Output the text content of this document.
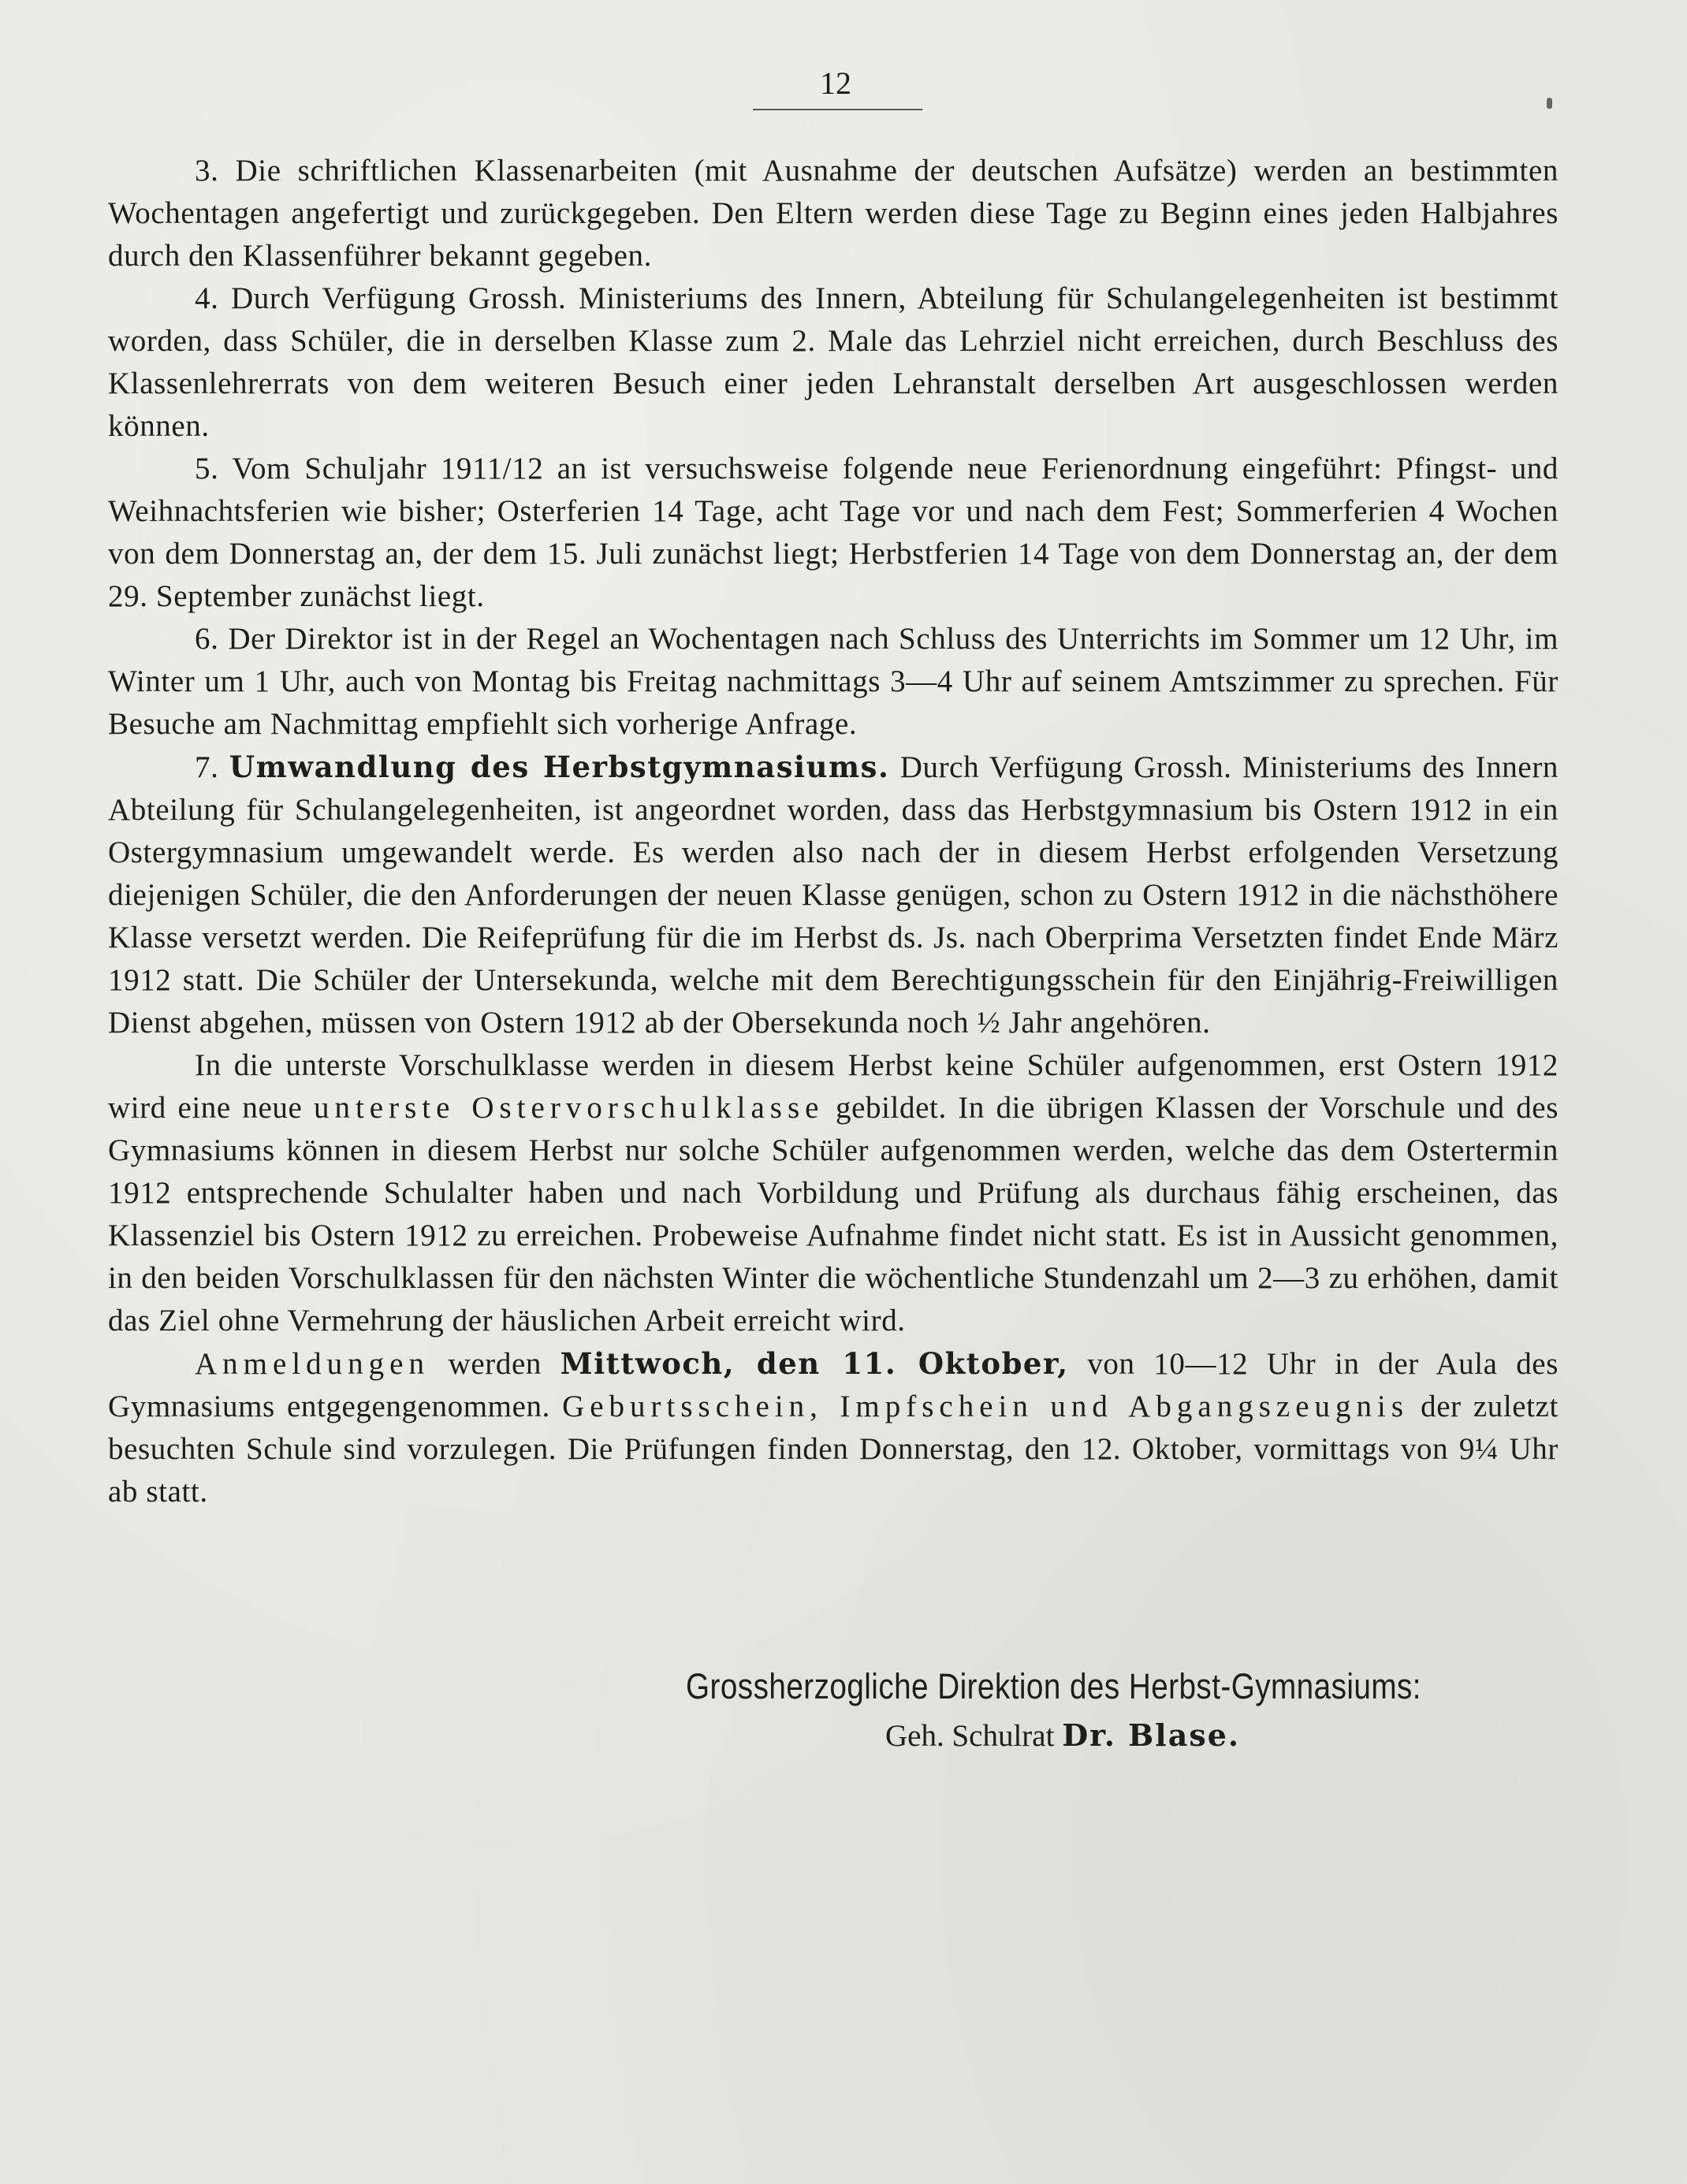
12

3. Die schriftlichen Klassenarbeiten (mit Ausnahme der deutschen Aufsätze) werden an bestimmten Wochentagen angefertigt und zurückgegeben. Den Eltern werden diese Tage zu Beginn eines jeden Halbjahres durch den Klassenführer bekannt gegeben.

4. Durch Verfügung Grossh. Ministeriums des Innern, Abteilung für Schulangelegenheiten ist bestimmt worden, dass Schüler, die in derselben Klasse zum 2. Male das Lehrziel nicht erreichen, durch Beschluss des Klassenlehrerrats von dem weiteren Besuch einer jeden Lehranstalt derselben Art ausgeschlossen werden können.

5. Vom Schuljahr 1911/12 an ist versuchsweise folgende neue Ferienordnung eingeführt: Pfingst- und Weihnachtsferien wie bisher; Osterferien 14 Tage, acht Tage vor und nach dem Fest; Sommerferien 4 Wochen von dem Donnerstag an, der dem 15. Juli zunächst liegt; Herbstferien 14 Tage von dem Donnerstag an, der dem 29. September zunächst liegt.

6. Der Direktor ist in der Regel an Wochentagen nach Schluss des Unterrichts im Sommer um 12 Uhr, im Winter um 1 Uhr, auch von Montag bis Freitag nachmittags 3—4 Uhr auf seinem Amtszimmer zu sprechen. Für Besuche am Nachmittag empfiehlt sich vorherige Anfrage.

7. Umwandlung des Herbstgymnasiums. Durch Verfügung Grossh. Ministeriums des Innern Abteilung für Schulangelegenheiten, ist angeordnet worden, dass das Herbstgymnasium bis Ostern 1912 in ein Ostergymnasium umgewandelt werde. Es werden also nach der in diesem Herbst erfolgenden Versetzung diejenigen Schüler, die den Anforderungen der neuen Klasse genügen, schon zu Ostern 1912 in die nächsthöhere Klasse versetzt werden. Die Reifeprüfung für die im Herbst ds. Js. nach Oberprima Versetzten findet Ende März 1912 statt. Die Schüler der Untersekunda, welche mit dem Berechtigungsschein für den Einjährig-Freiwilligen Dienst abgehen, müssen von Ostern 1912 ab der Obersekunda noch ½ Jahr angehören.

In die unterste Vorschulklasse werden in diesem Herbst keine Schüler aufgenommen, erst Ostern 1912 wird eine neue unterste Ostervorschulklasse gebildet. In die übrigen Klassen der Vorschule und des Gymnasiums können in diesem Herbst nur solche Schüler aufgenommen werden, welche das dem Ostertermin 1912 entsprechende Schulalter haben und nach Vorbildung und Prüfung als durchaus fähig erscheinen, das Klassenziel bis Ostern 1912 zu erreichen. Probeweise Aufnahme findet nicht statt. Es ist in Aussicht genommen, in den beiden Vorschulklassen für den nächsten Winter die wöchentliche Stundenzahl um 2—3 zu erhöhen, damit das Ziel ohne Vermehrung der häuslichen Arbeit erreicht wird.

Anmeldungen werden Mittwoch, den 11. Oktober, von 10—12 Uhr in der Aula des Gymnasiums entgegengenommen. Geburtsschein, Impfschein und Abgangszeugnis der zuletzt besuchten Schule sind vorzulegen. Die Prüfungen finden Donnerstag, den 12. Oktober, vormittags von 9¼ Uhr ab statt.

Grossherzogliche Direktion des Herbst-Gymnasiums:
Geh. Schulrat Dr. Blase.
